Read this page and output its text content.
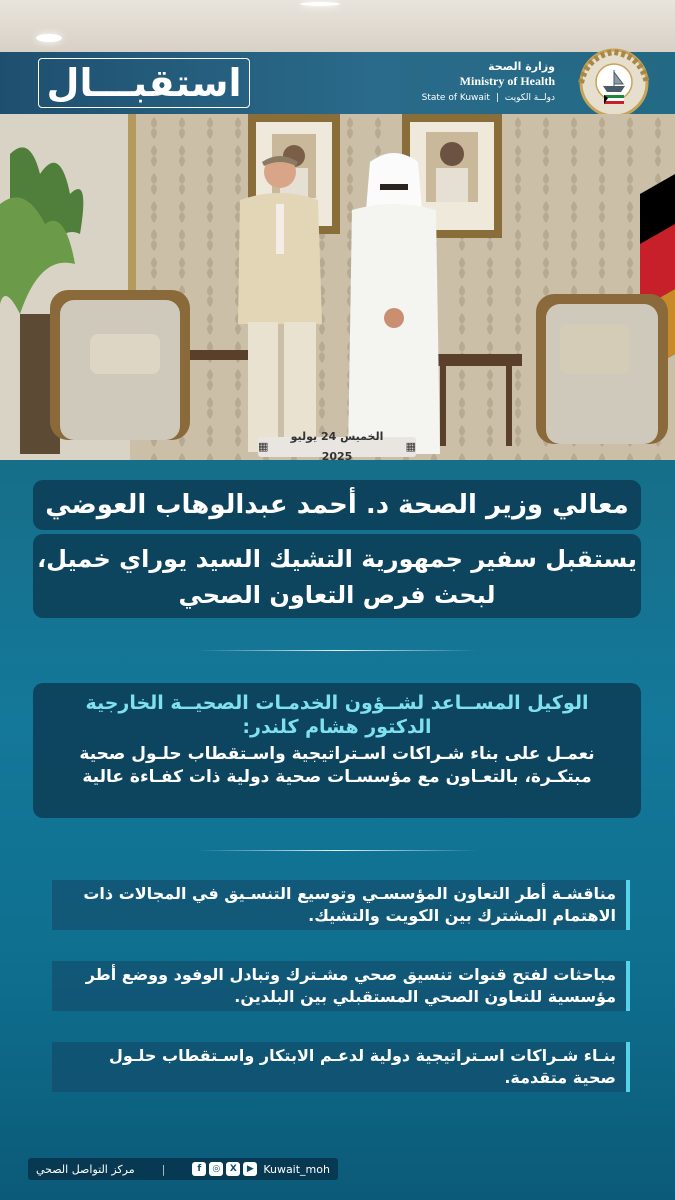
استقبـــال	وزارة الصحة
Ministry of Health
State of Kuwait | دولــة الكويت
▦
الخميس 24 يوليو 2025
▦
معالي وزير الصحة د. أحمد عبدالوهاب العوضي
يستقبل سفير جمهورية التشيك السيد يوراي خميل،
لبحث فرص التعاون الصحي
الوكيل المســاعد لشــؤون الخدمـات الصحيــة الخارجية
الدكتور هشام كلندر:
نعمـل على بناء شـراكات اسـتراتيجية واسـتقطاب حلـول صحية
مبتكـرة، بالتعـاون مع مؤسسـات صحية دولية ذات كفـاءة عالية
مناقشـة أطر التعاون المؤسسـي وتوسيع التنسـيق في المجالات ذات
الاهتمام المشترك بين الكويت والتشيك.
مباحثات لفتح قنوات تنسيق صحي مشـترك وتبادل الوفود ووضع أطر
مؤسسية للتعاون الصحي المستقبلي بين البلدين.
بنـاء شـراكات اسـتراتيجية دولية لدعـم الابتكار واسـتقطاب حلـول
صحية متقدمة.
مركز التواصل الصحي |	f	◎	X	▶ Kuwait_moh
